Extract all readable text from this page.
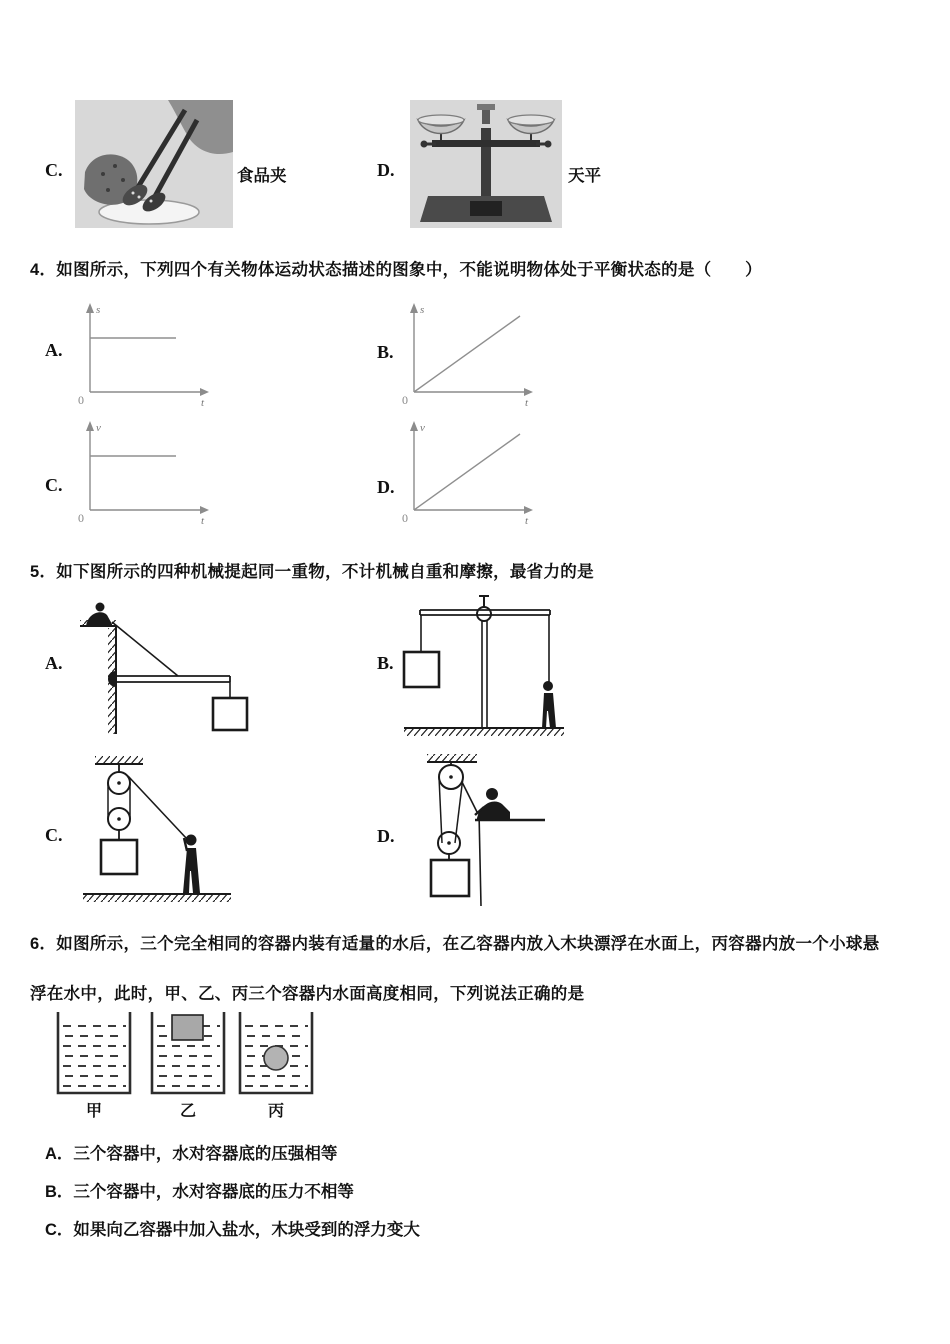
C.	食品夹	D.	天平
4．如图所示，下列四个有关物体运动状态描述的图象中，不能说明物体处于平衡状态的是（　　）
A.
s
t
0
B.
s
t
0
C.
v
t
0
D.
v
t
0
5．如下图所示的四种机械提起同一重物，不计机械自重和摩擦，最省力的是
A.	B.
C.	D.
6．如图所示，三个完全相同的容器内装有适量的水后，在乙容器内放入木块漂浮在水面上，丙容器内放一个小球悬
浮在水中，此时，甲、乙、丙三个容器内水面高度相同，下列说法正确的是
甲	乙	丙
A．三个容器中，水对容器底的压强相等
B．三个容器中，水对容器底的压力不相等
C．如果向乙容器中加入盐水，木块受到的浮力变大
